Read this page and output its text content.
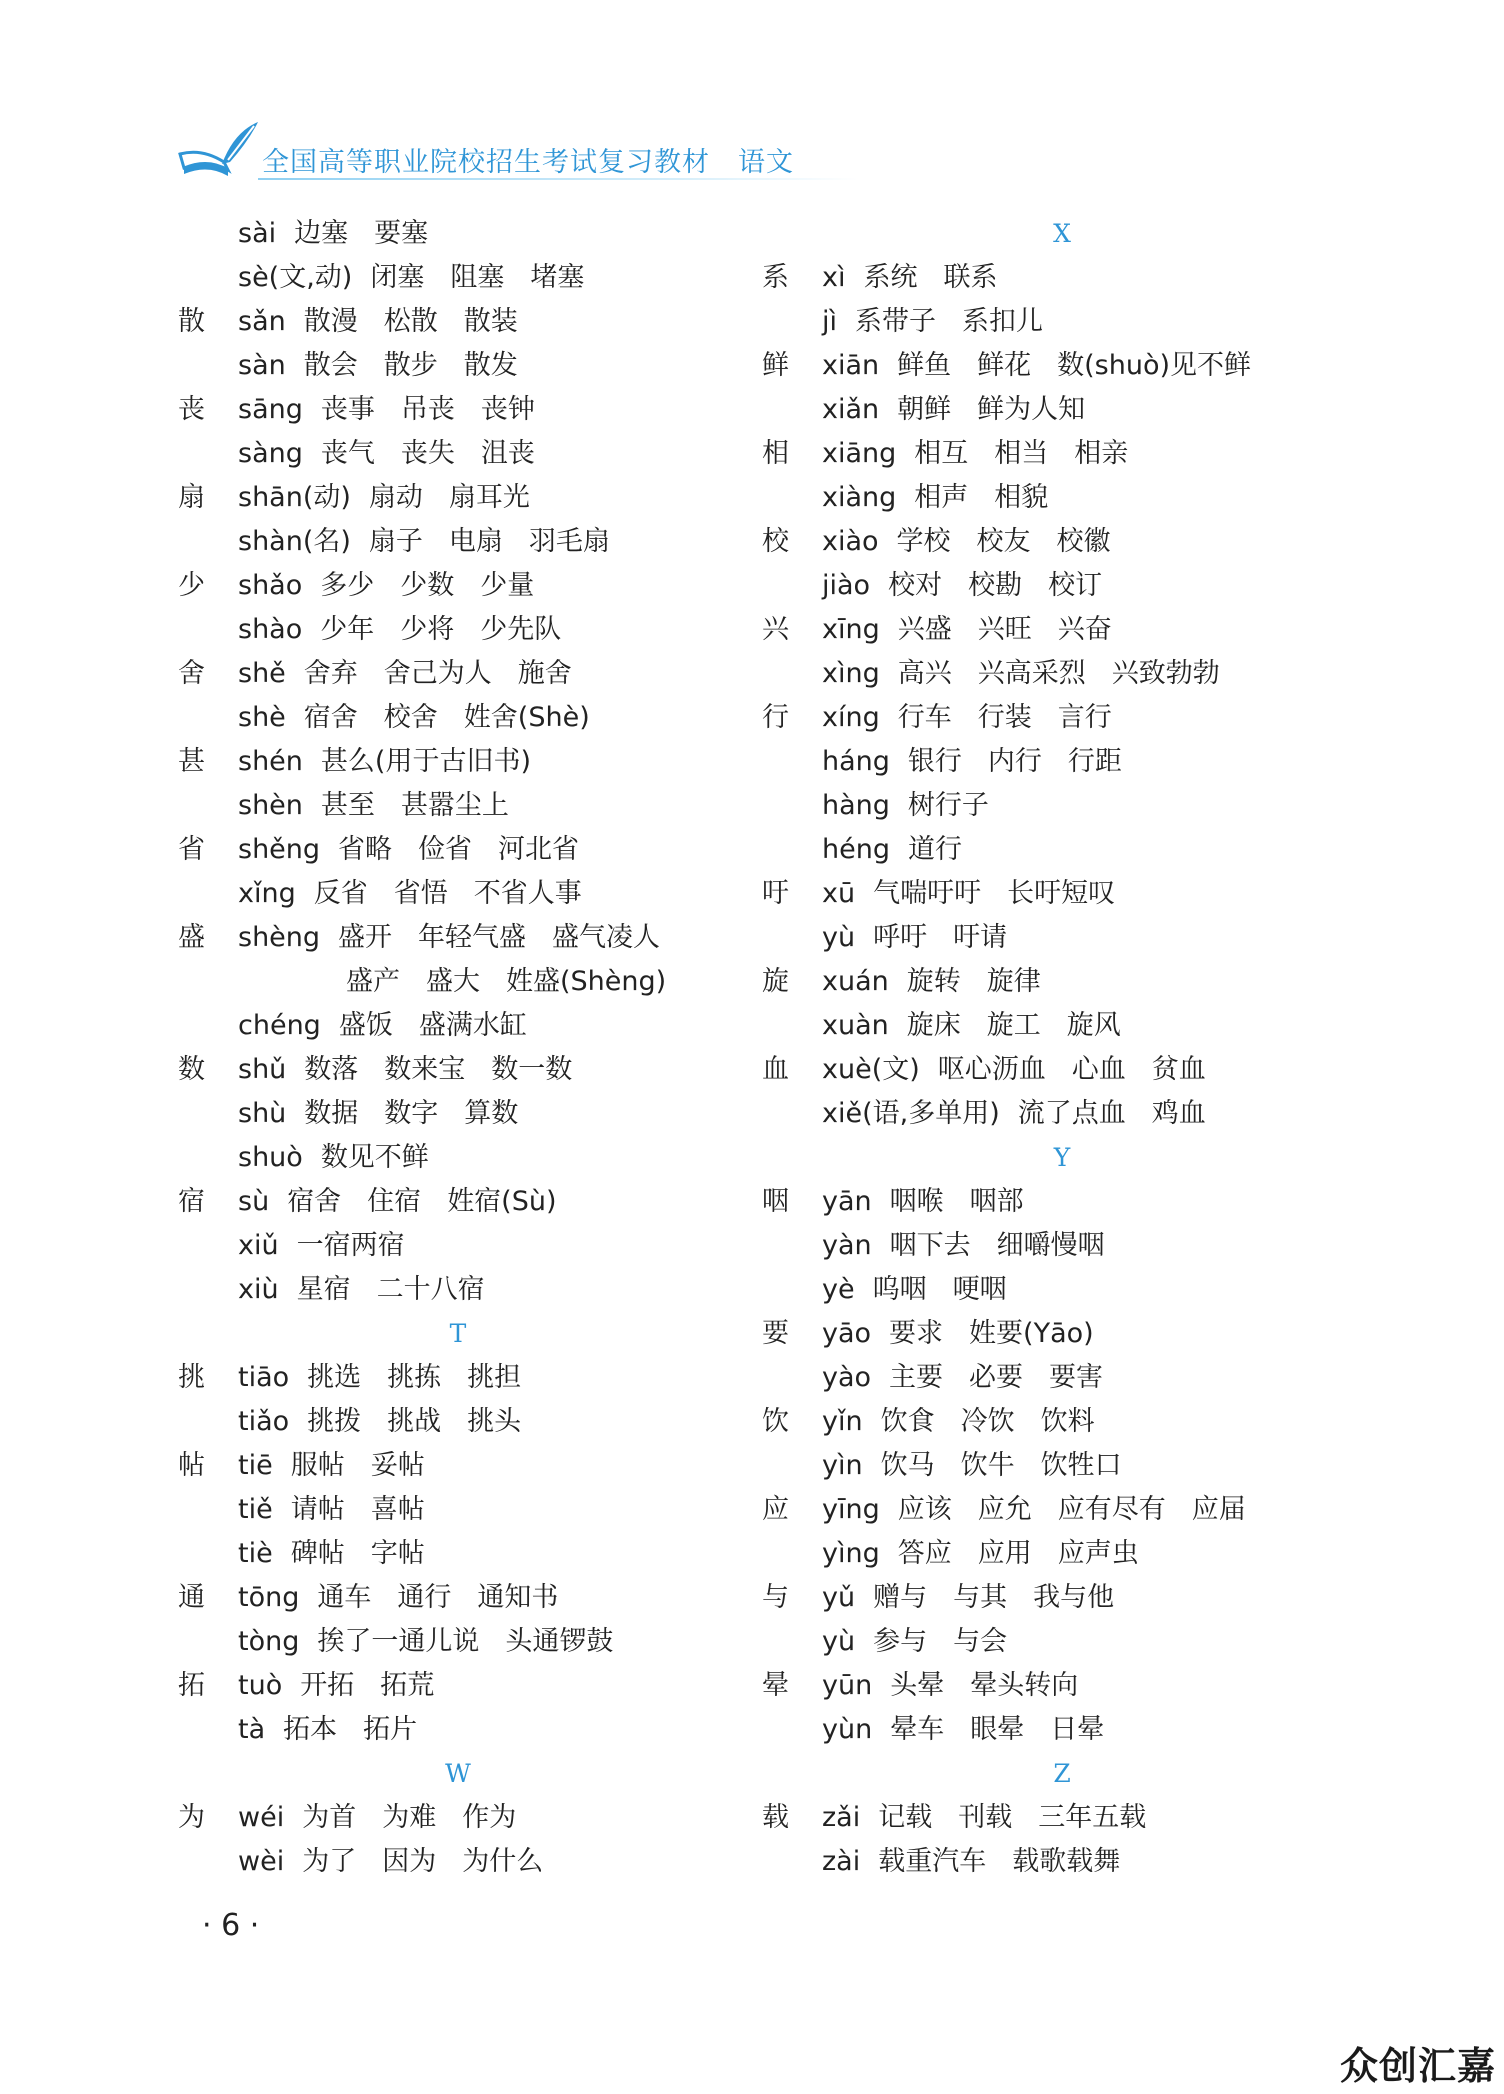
全国高等职业院校招生考试复习教材 语文
sài 边塞 要塞
sè(文,动) 闭塞 阻塞 堵塞
散 sǎn 散漫 松散 散装
sàn 散会 散步 散发
丧 sāng 丧事 吊丧 丧钟
sàng 丧气 丧失 沮丧
扇 shān(动) 扇动 扇耳光
shàn(名) 扇子 电扇 羽毛扇
少 shǎo 多少 少数 少量
shào 少年 少将 少先队
舍 shě 舍弃 舍己为人 施舍
shè 宿舍 校舍 姓舍(Shè)
甚 shén 甚么(用于古旧书)
shèn 甚至 甚嚣尘上
省 shěng 省略 俭省 河北省
xǐng 反省 省悟 不省人事
盛 shèng 盛开 年轻气盛 盛气凌人
盛产 盛大 姓盛(Shèng)
chéng 盛饭 盛满水缸
数 shǔ 数落 数来宝 数一数
shù 数据 数字 算数
shuò 数见不鲜
宿 sù 宿舍 住宿 姓宿(Sù)
xiǔ 一宿两宿
xiù 星宿 二十八宿
T
挑 tiāo 挑选 挑拣 挑担
tiǎo 挑拨 挑战 挑头
帖 tiē 服帖 妥帖
tiě 请帖 喜帖
tiè 碑帖 字帖
通 tōng 通车 通行 通知书
tòng 挨了一通儿说 头通锣鼓
拓 tuò 开拓 拓荒
tà 拓本 拓片
W
为 wéi 为首 为难 作为
wèi 为了 因为 为什么
X
系 xì 系统 联系
jì 系带子 系扣儿
鲜 xiān 鲜鱼 鲜花 数(shuò)见不鲜
xiǎn 朝鲜 鲜为人知
相 xiāng 相互 相当 相亲
xiàng 相声 相貌
校 xiào 学校 校友 校徽
jiào 校对 校勘 校订
兴 xīng 兴盛 兴旺 兴奋
xìng 高兴 兴高采烈 兴致勃勃
行 xíng 行车 行装 言行
háng 银行 内行 行距
hàng 树行子
héng 道行
吁 xū 气喘吁吁 长吁短叹
yù 呼吁 吁请
旋 xuán 旋转 旋律
xuàn 旋床 旋工 旋风
血 xuè(文) 呕心沥血 心血 贫血
xiě(语,多单用) 流了点血 鸡血
Y
咽 yān 咽喉 咽部
yàn 咽下去 细嚼慢咽
yè 呜咽 哽咽
要 yāo 要求 姓要(Yāo)
yào 主要 必要 要害
饮 yǐn 饮食 冷饮 饮料
yìn 饮马 饮牛 饮牲口
应 yīng 应该 应允 应有尽有 应届
yìng 答应 应用 应声虫
与 yǔ 赠与 与其 我与他
yù 参与 与会
晕 yūn 头晕 晕头转向
yùn 晕车 眼晕 日晕
Z
载 zǎi 记载 刊载 三年五载
zài 载重汽车 载歌载舞
· 6 ·
众创汇嘉
